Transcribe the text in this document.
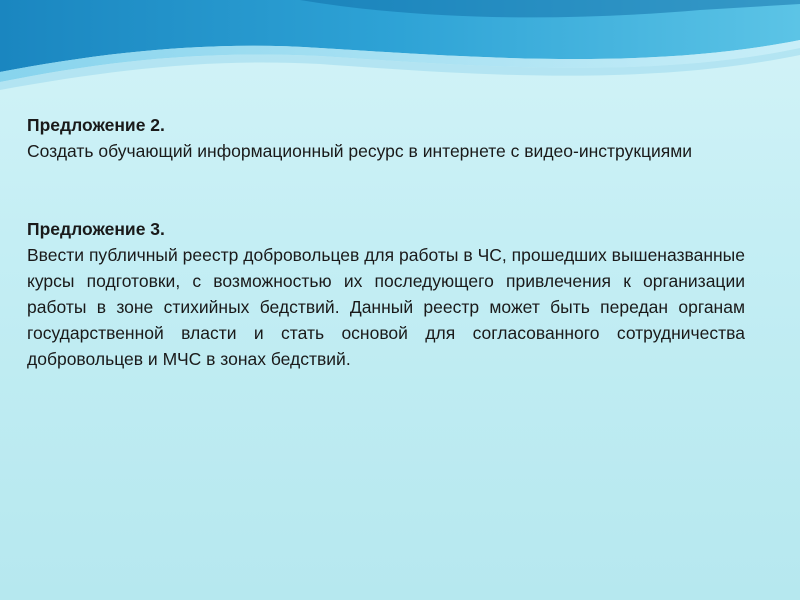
Предложение 2.
Создать обучающий информационный ресурс в интернете с видео-инструкциями
Предложение 3.
Ввести публичный реестр добровольцев для работы в ЧС, прошедших вышеназванные курсы подготовки, с возможностью их последующего привлечения к организации работы в зоне стихийных бедствий. Данный реестр может быть передан органам государственной власти и стать основой для согласованного сотрудничества добровольцев и МЧС в зонах бедствий.
